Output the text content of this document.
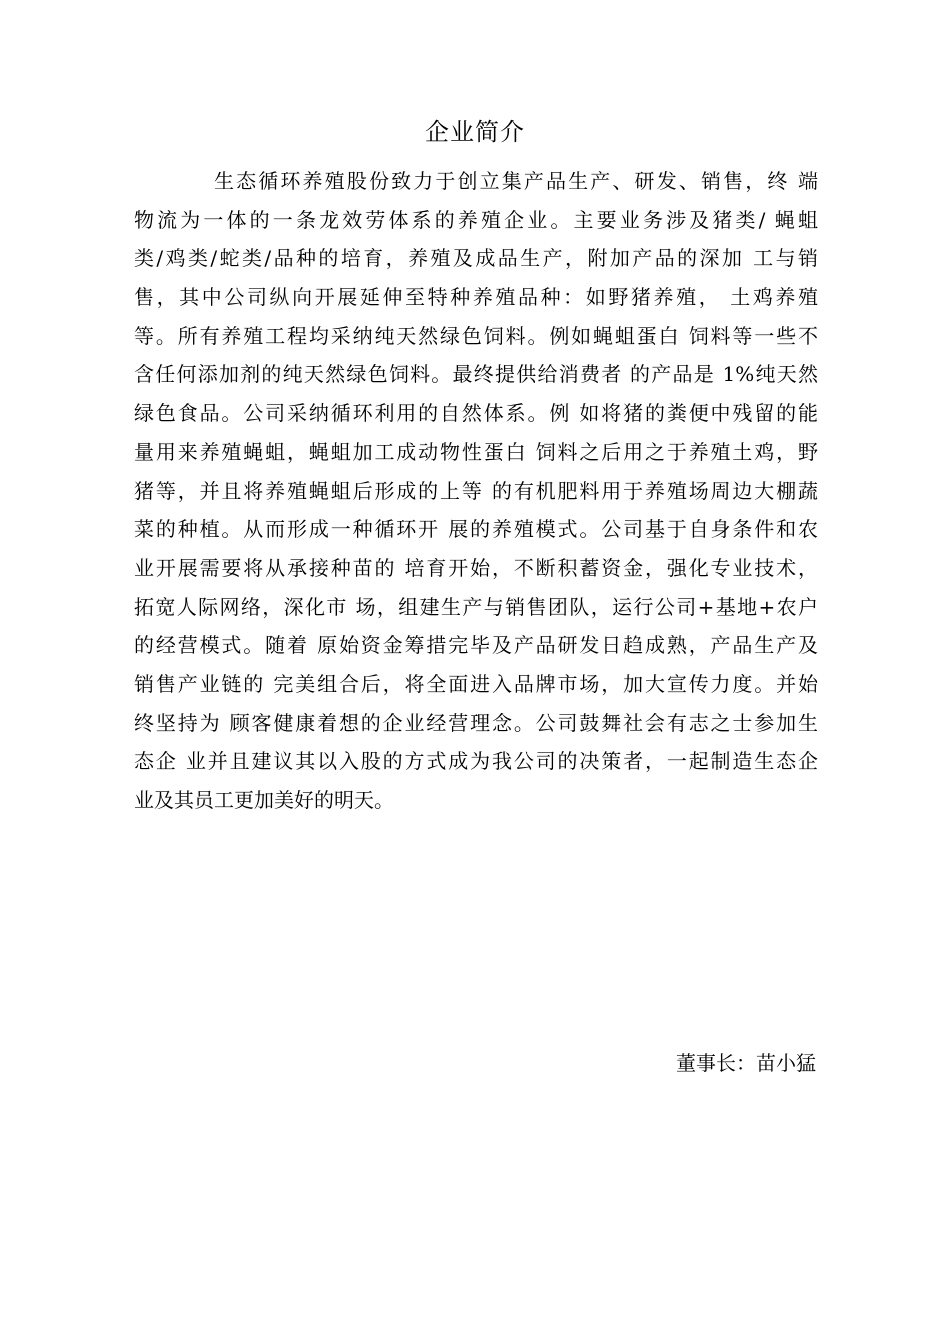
企业简介
生态循环养殖股份致力于创立集产品生产、研发、销售，终 端
物流为一体的一条龙效劳体系的养殖企业。主要业务涉及猪类/ 蝇蛆
类/鸡类/蛇类/品种的培育，养殖及成品生产，附加产品的深加 工与销
售，其中公司纵向开展延伸至特种养殖品种：如野猪养殖， 土鸡养殖
等。所有养殖工程均采纳纯天然绿色饲料。例如蝇蛆蛋白 饲料等一些不
含任何添加剂的纯天然绿色饲料。最终提供给消费者 的产品是 1%纯天然
绿色食品。公司采纳循环利用的自然体系。例 如将猪的粪便中残留的能
量用来养殖蝇蛆，蝇蛆加工成动物性蛋白 饲料之后用之于养殖土鸡，野
猪等，并且将养殖蝇蛆后形成的上等 的有机肥料用于养殖场周边大棚蔬
菜的种植。从而形成一种循环开 展的养殖模式。公司基于自身条件和农
业开展需要将从承接种苗的 培育开始，不断积蓄资金，强化专业技术，
拓宽人际网络，深化市 场，组建生产与销售团队，运行公司+基地+农户
的经营模式。随着 原始资金筹措完毕及产品研发日趋成熟，产品生产及
销售产业链的 完美组合后，将全面进入品牌市场，加大宣传力度。并始
终坚持为 顾客健康着想的企业经营理念。公司鼓舞社会有志之士参加生
态企 业并且建议其以入股的方式成为我公司的决策者，一起制造生态企
业及其员工更加美好的明天。
董事长：苗小猛
